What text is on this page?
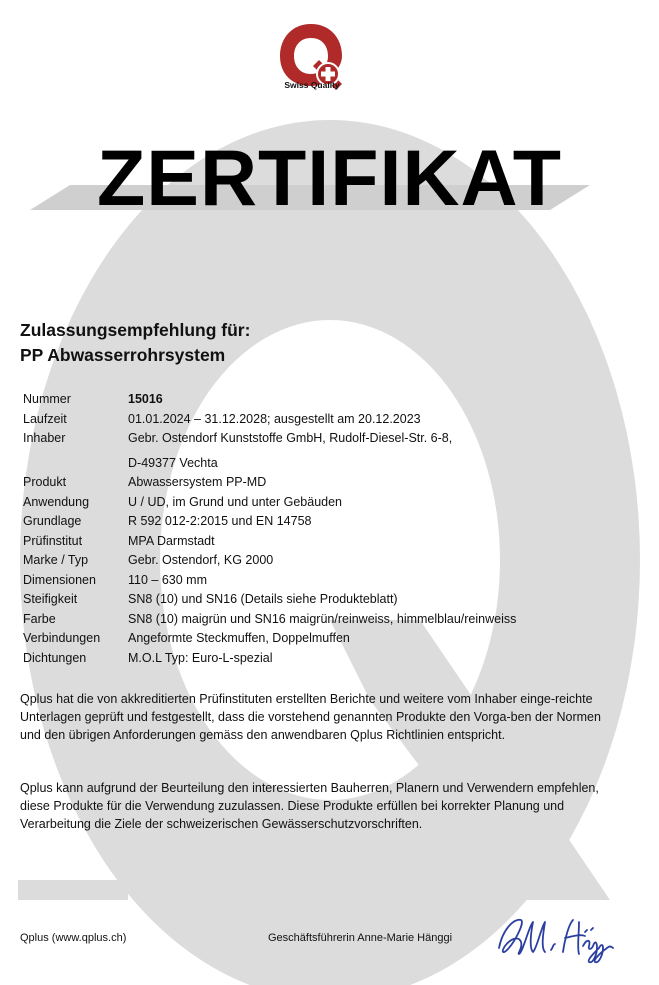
Swiss Quality
ZERTIFIKAT
Zulassungsempfehlung für:
PP Abwasserrohrsystem
Nummer	15016
Laufzeit	01.01.2024 – 31.12.2028; ausgestellt am 20.12.2023
Inhaber	Gebr. Ostendorf Kunststoffe GmbH, Rudolf-Diesel-Str. 6-8,
D-49377 Vechta
Produkt	Abwassersystem PP-MD
Anwendung	U / UD, im Grund und unter Gebäuden
Grundlage	R 592 012-2:2015 und EN 14758
Prüfinstitut	MPA Darmstadt
Marke / Typ	Gebr. Ostendorf, KG 2000
Dimensionen	110 – 630 mm
Steifigkeit	SN8 (10) und SN16 (Details siehe Produkteblatt)
Farbe	SN8 (10) maigrün und SN16 maigrün/reinweiss, himmelblau/reinweiss
Verbindungen	Angeformte Steckmuffen, Doppelmuffen
Dichtungen	M.O.L Typ: Euro-L-spezial
Qplus hat die von akkreditierten Prüfinstituten erstellten Berichte und weitere vom Inhaber einge-reichte Unterlagen geprüft und festgestellt, dass die vorstehend genannten Produkte den Vorga-ben der Normen und den übrigen Anforderungen gemäss den anwendbaren Qplus Richtlinien entspricht.
Qplus kann aufgrund der Beurteilung den interessierten Bauherren, Planern und Verwendern empfehlen, diese Produkte für die Verwendung zuzulassen. Diese Produkte erfüllen bei korrekter Planung und Verarbeitung die Ziele der schweizerischen Gewässerschutzvorschriften.
Qplus (www.qplus.ch)	Geschäftsführerin Anne-Marie Hänggi
